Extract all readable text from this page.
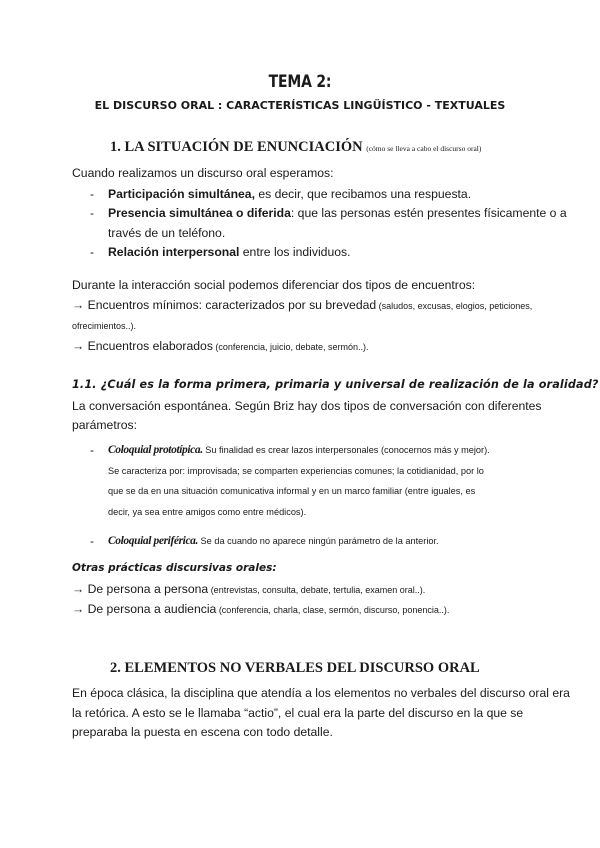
TEMA 2:
EL DISCURSO ORAL : CARACTERÍSTICAS LINGÜÍSTICO - TEXTUALES
1. LA SITUACIÓN DE ENUNCIACIÓN (cómo se lleva a cabo el discurso oral)
Cuando realizamos un discurso oral esperamos:
- Participación simultánea, es decir, que recibamos una respuesta.
- Presencia simultánea o diferida: que las personas estén presentes físicamente o a
través de un teléfono.
- Relación interpersonal entre los individuos.
Durante la interacción social podemos diferenciar dos tipos de encuentros:
→ Encuentros mínimos: caracterizados por su brevedad (saludos, excusas, elogios, peticiones,
ofrecimientos..).
→ Encuentros elaborados (conferencia, juicio, debate, sermón..).
1.1. ¿Cuál es la forma primera, primaria y universal de realización de la oralidad?
La conversación espontánea. Según Briz hay dos tipos de conversación con diferentes
parámetros:
- Coloquial prototípica. Su finalidad es crear lazos interpersonales (conocernos más y mejor).
Se caracteriza por: improvisada; se comparten experiencias comunes; la cotidianidad, por lo
que se da en una situación comunicativa informal y en un marco familiar (entre iguales, es
decir, ya sea entre amigos como entre médicos).
- Coloquial periférica. Se da cuando no aparece ningún parámetro de la anterior.
Otras prácticas discursivas orales:
→ De persona a persona (entrevistas, consulta, debate, tertulia, examen oral..).
→ De persona a audiencia (conferencia, charla, clase, sermón, discurso, ponencia..).
2. ELEMENTOS NO VERBALES DEL DISCURSO ORAL
En época clásica, la disciplina que atendía a los elementos no verbales del discurso oral era
la retórica. A esto se le llamaba “actio”, el cual era la parte del discurso en la que se
preparaba la puesta en escena con todo detalle.
